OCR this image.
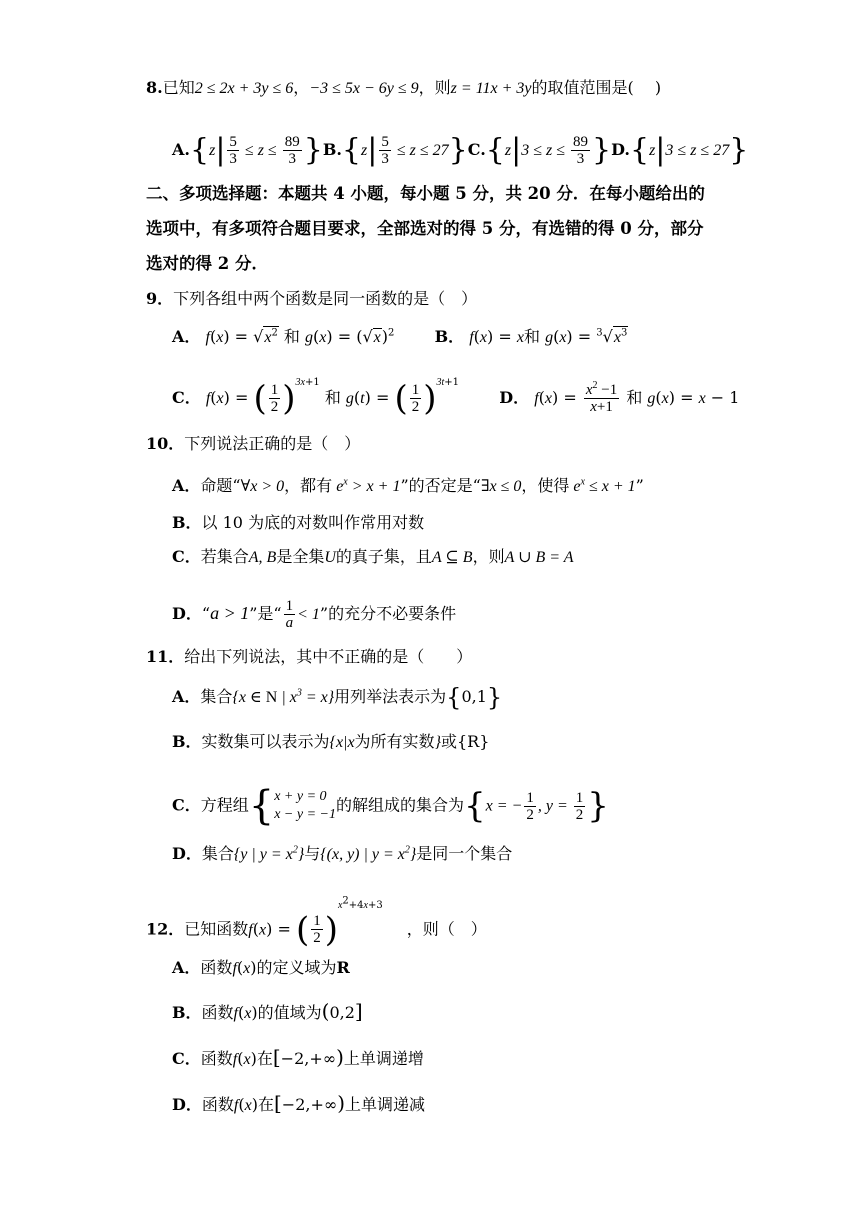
8.已知2 ≤ 2x + 3y ≤ 6，−3 ≤ 5x − 6y ≤ 9，则z = 11x + 3y的取值范围是(　 )
$A.\{z| \frac{5}{3} \le z \le \frac{89}{3} \}B.\{z| \frac{5}{3} \le z \le 27\}C.\{z|3 \le z \le \frac{89}{3} \}D.\{z|3 \le z \le 27\}$
二、多项选择题：本题共 4 小题，每小题 5 分，共 20 分．在每小题给出的
选项中，有多项符合题目要求，全部选对的得 5 分，有选错的得 0 分，部分
选对的得 2 分．
9．下列各组中两个函数是同一函数的是（　）
A． $f(x) = √x^2$ 和 $g(x) = (√x)^2$	B． f(x) = x和 $g(x) = ^3√x^3$
C． f(x) = ( $\frac{1}{2} )^{3x+1}$ 和 g(t) = ( $\frac{1}{2} )^{3t+1}$  D． $f(x) = \frac{x^2 -1}{x+1}$ 和 g(x) = x − 1
10．下列说法正确的是（　）
A．命题“∀x > 0，都有 $e^x > x + 1$”的否定是“∃x ≤ 0，使得 $e^x \le x + 1$”
B．以 10 为底的对数叫作常用对数
C．若集合A, B是全集U的真子集，且A ⊆ B，则A ∪ B = A
D．“a > 1”是“ $\frac{1}{a} < 1$”的充分不必要条件
11．给出下列说法，其中不正确的是（　　）
A．集合{x ∈ N | $x^3 = x$}用列举法表示为{0,1}
B．实数集可以表示为{x|x为所有实数}或{R}
C．方程组{ x + y = 0
x − y = −1 的解组成的集合为{x = − $\frac{1}{2}$ , $y = \frac{1}{2}$ }
D．集合{y | $y = x^2$}与{(x, y) | $y = x^2$}是同一个集合
12．已知函数f(x) = ( $\frac{1}{2} )^{x^2+4x+3}$，则（　）
A．函数f(x)的定义域为R
B．函数f(x)的值域为(0,2]
C．函数f(x)在[−2,+∞)上单调递增
D．函数f(x)在[−2,+∞)上单调递减
